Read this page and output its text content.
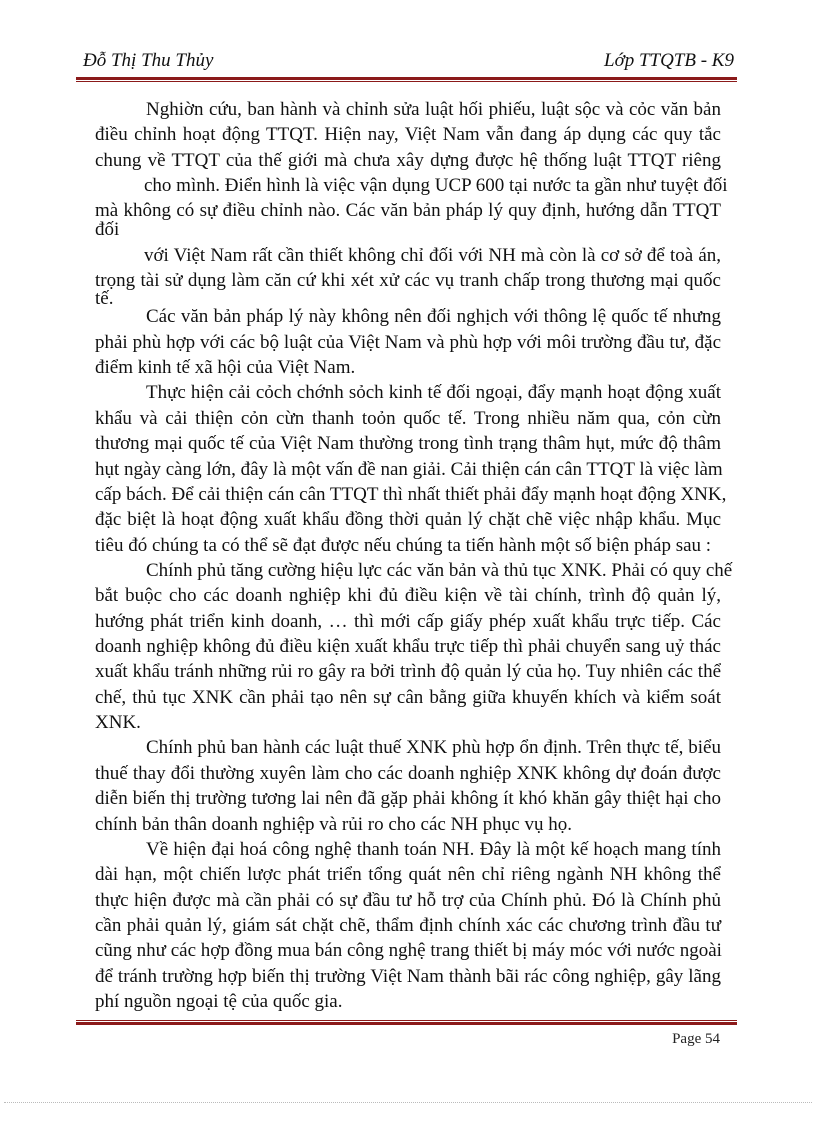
Đỗ Thị Thu Thủy	Lớp TTQTB - K9
Nghiờn cứu, ban hành và chỉnh sửa luật hối phiếu, luật sộc và cỏc văn bản
điều chỉnh hoạt động TTQT. Hiện nay, Việt Nam vẫn đang áp dụng các quy tắc
chung về TTQT của thế giới mà chưa xây dựng được hệ thống luật TTQT riêng
cho mình. Điển hình là việc vận dụng UCP 600 tại nước ta gần như tuyệt đối
mà không có sự điều chỉnh nào. Các văn bản pháp lý quy định, hướng dẫn TTQT
đối
với Việt Nam rất cần thiết không chỉ đối với NH mà còn là cơ sở để toà án,
trọng tài sử dụng làm căn cứ khi xét xử các vụ tranh chấp trong thương mại quốc
tế.
Các văn bản pháp lý này không nên đối nghịch với thông lệ quốc tế nhưng
phải phù hợp với các bộ luật của Việt Nam và phù hợp với môi trường đầu tư, đặc
điểm kinh tế xã hội của Việt Nam.
Thực hiện cải cỏch chớnh sỏch kinh tế đối ngoại, đẩy mạnh hoạt động xuất
khẩu và cải thiện cỏn cừn thanh toỏn quốc tế. Trong nhiều năm qua, cỏn cừn
thương mại quốc tế của Việt Nam thường trong tình trạng thâm hụt, mức độ thâm
hụt ngày càng lớn, đây là một vấn đề nan giải. Cải thiện cán cân TTQT là việc làm
cấp bách. Để cải thiện cán cân TTQT thì nhất thiết phải đẩy mạnh hoạt động XNK,
đặc biệt là hoạt động xuất khẩu đồng thời quản lý chặt chẽ việc nhập khẩu. Mục
tiêu đó chúng ta có thể sẽ đạt được nếu chúng ta tiến hành một số biện pháp sau :
Chính phủ tăng cường hiệu lực các văn bản và thủ tục XNK. Phải có quy chế
bắt buộc cho các doanh nghiệp khi đủ điều kiện về tài chính, trình độ quản lý,
hướng phát triển kinh doanh, … thì mới cấp giấy phép xuất khẩu trực tiếp. Các
doanh nghiệp không đủ điều kiện xuất khẩu trực tiếp thì phải chuyển sang uỷ thác
xuất khẩu tránh những rủi ro gây ra bởi trình độ quản lý của họ. Tuy nhiên các thể
chế, thủ tục XNK cần phải tạo nên sự cân bằng giữa khuyến khích và kiểm soát
XNK.
Chính phủ ban hành các luật thuế XNK phù hợp ổn định. Trên thực tế, biểu
thuế thay đổi thường xuyên làm cho các doanh nghiệp XNK không dự đoán được
diễn biến thị trường tương lai nên đã gặp phải không ít khó khăn gây thiệt hại cho
chính bản thân doanh nghiệp và rủi ro cho các NH phục vụ họ.
Về hiện đại hoá công nghệ thanh toán NH. Đây là một kế hoạch mang tính
dài hạn, một chiến lược phát triển tổng quát nên chỉ riêng ngành NH không thể
thực hiện được mà cần phải có sự đầu tư hỗ trợ của Chính phủ. Đó là Chính phủ
cần phải quản lý, giám sát chặt chẽ, thẩm định chính xác các chương trình đầu tư
cũng như các hợp đồng mua bán công nghệ trang thiết bị máy móc với nước ngoài
để tránh trường hợp biến thị trường Việt Nam thành bãi rác công nghiệp, gây lãng
phí nguồn ngoại tệ của quốc gia.
Page 54
